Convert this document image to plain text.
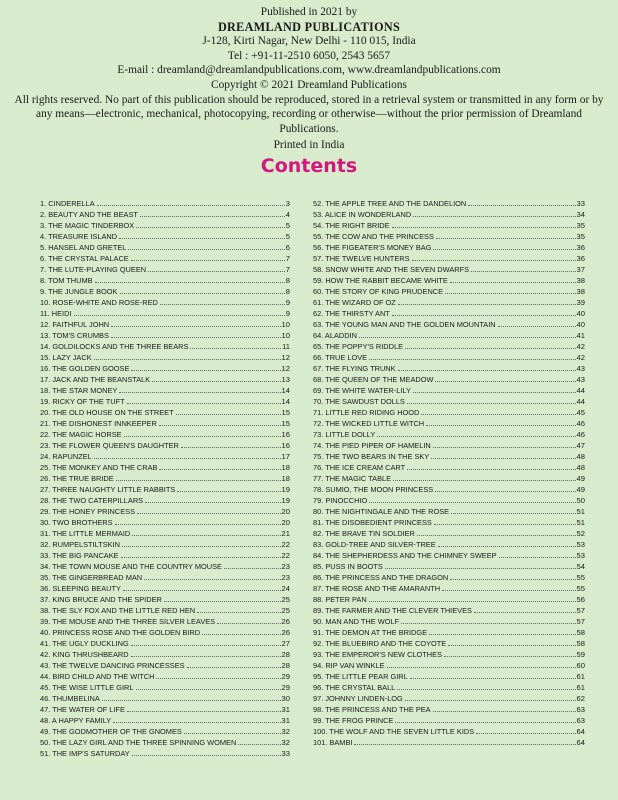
Published in 2021 by
DREAMLAND PUBLICATIONS
J-128, Kirti Nagar, New Delhi - 110 015, India
Tel : +91-11-2510 6050, 2543 5657
E-mail : dreamland@dreamlandpublications.com, www.dreamlandpublications.com
Copyright © 2021 Dreamland Publications
All rights reserved. No part of this publication should be reproduced, stored in a retrieval system or transmitted in any form or by any means—electronic, mechanical, photocopying, recording or otherwise—without the prior permission of Dreamland Publications.
Printed in India
Contents
1. CINDERELLA	3
2. BEAUTY AND THE BEAST	4
3. THE MAGIC TINDERBOX	5
4. TREASURE ISLAND	5
5. HANSEL AND GRETEL	6
6. THE CRYSTAL PALACE	7
7. THE LUTE-PLAYING QUEEN	7
8. TOM THUMB	8
9. THE JUNGLE BOOK	8
10. ROSE-WHITE AND ROSE-RED	9
11. HEIDI	9
12. FAITHFUL JOHN	10
13. TOM'S CRUMBS	10
14. GOLDILOCKS AND THE THREE BEARS	11
15. LAZY JACK	12
16. THE GOLDEN GOOSE	12
17. JACK AND THE BEANSTALK	13
18. THE STAR MONEY	14
19. RICKY OF THE TUFT	14
20. THE OLD HOUSE ON THE STREET	15
21. THE DISHONEST INNKEEPER	15
22. THE MAGIC HORSE	16
23. THE FLOWER QUEEN'S DAUGHTER	16
24. RAPUNZEL	17
25. THE MONKEY AND THE CRAB	18
26. THE TRUE BRIDE	18
27. THREE NAUGHTY LITTLE RABBITS	19
28. THE TWO CATERPILLARS	19
29. THE HONEY PRINCESS	20
30. TWO BROTHERS	20
31. THE LITTLE MERMAID	21
32. RUMPELSTILTSKIN	22
33. THE BIG PANCAKE	22
34. THE TOWN MOUSE AND THE COUNTRY MOUSE	23
35. THE GINGERBREAD MAN	23
36. SLEEPING BEAUTY	24
37. KING BRUCE AND THE SPIDER	25
38. THE SLY FOX AND THE LITTLE RED HEN	25
39. THE MOUSE AND THE THREE SILVER LEAVES	26
40. PRINCESS ROSE AND THE GOLDEN BIRD	26
41. THE UGLY DUCKLING	27
42. KING THRUSHBEARD	28
43. THE TWELVE DANCING PRINCESSES	28
44. BIRD CHILD AND THE WITCH	29
45. THE WISE LITTLE GIRL	29
46. THUMBELINA	30
47. THE WATER OF LIFE	31
48. A HAPPY FAMILY	31
49. THE GODMOTHER OF THE GNOMES	32
50. THE LAZY GIRL AND THE THREE SPINNING WOMEN	32
51. THE IMP'S SATURDAY	33
52. THE APPLE TREE AND THE DANDELION	33
53. ALICE IN WONDERLAND	34
54. THE RIGHT BRIDE	35
55. THE COW AND THE PRINCESS	35
56. THE FIGEATER'S MONEY BAG	36
57. THE TWELVE HUNTERS	36
58. SNOW WHITE AND THE SEVEN DWARFS	37
59. HOW THE RABBIT BECAME WHITE	38
60. THE STORY OF KING PRUDENCE	38
61. THE WIZARD OF OZ	39
62. THE THIRSTY ANT	40
63. THE YOUNG MAN AND THE GOLDEN MOUNTAIN	40
64. ALADDIN	41
65. THE POPPY'S RIDDLE	42
66. TRUE LOVE	42
67. THE FLYING TRUNK	43
68. THE QUEEN OF THE MEADOW	43
69. THE WHITE WATER-LILY	44
70. THE SAWDUST DOLLS	44
71. LITTLE RED RIDING HOOD	45
72. THE WICKED LITTLE WITCH	46
73. LITTLE DOLLY	46
74. THE PIED PIPER OF HAMELIN	47
75. THE TWO BEARS IN THE SKY	48
76. THE ICE CREAM CART	48
77. THE MAGIC TABLE	49
78. SUMIO, THE MOON PRINCESS	49
79. PINOCCHIO	50
80. THE NIGHTINGALE AND THE ROSE	51
81. THE DISOBEDIENT PRINCESS	51
82. THE BRAVE TIN SOLDIER	52
83. GOLD-TREE AND SILVER-TREE	53
84. THE SHEPHERDESS AND THE CHIMNEY SWEEP	53
85. PUSS IN BOOTS	54
86. THE PRINCESS AND THE DRAGON	55
87. THE ROSE AND THE AMARANTH	55
88. PETER PAN	56
89. THE FARMER AND THE CLEVER THIEVES	57
90. MAN AND THE WOLF	57
91. THE DEMON AT THE BRIDGE	58
92. THE BLUEBIRD AND THE COYOTE	58
93. THE EMPEROR'S NEW CLOTHES	59
94. RIP VAN WINKLE	60
95. THE LITTLE PEAR GIRL	61
96. THE CRYSTAL BALL	61
97. JOHNNY LINDEN-LOG	62
98. THE PRINCESS AND THE PEA	63
99. THE FROG PRINCE	63
100. THE WOLF AND THE SEVEN LITTLE KIDS	64
101. BAMBI	64
